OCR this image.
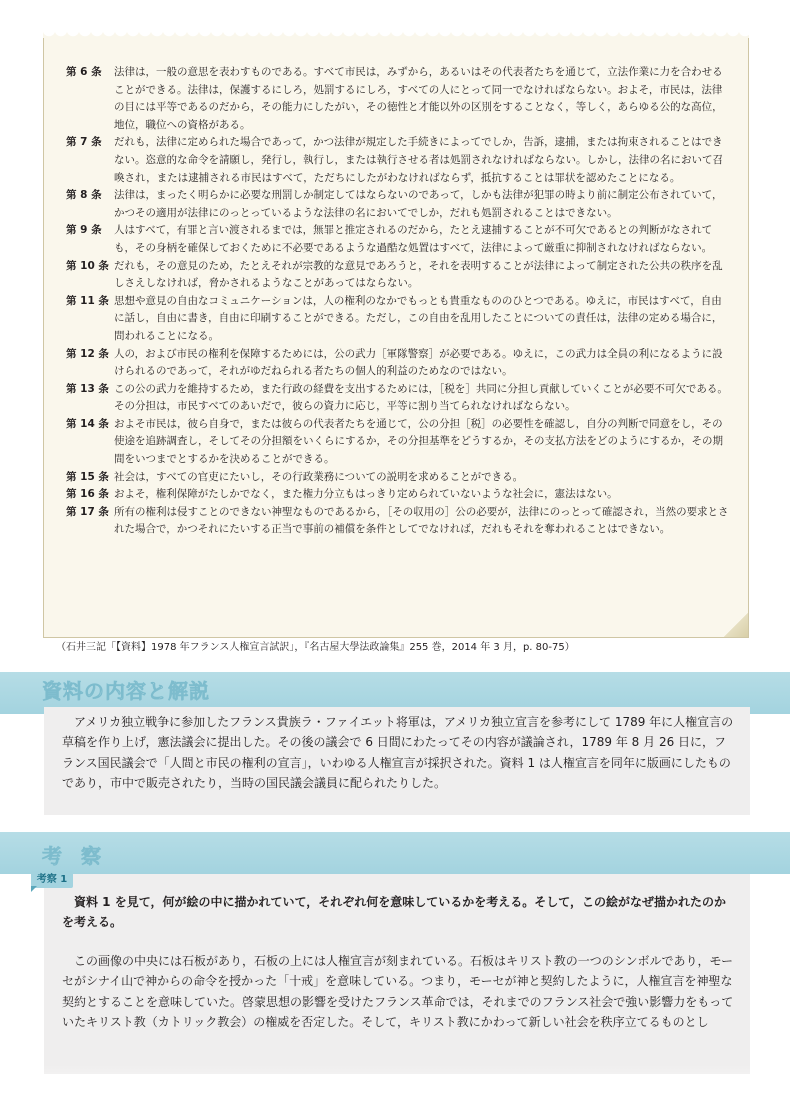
第 6 条	法律は，一般の意思を表わすものである。すべて市民は，みずから，あるいはその代表者たちを通じて，立法作業に力を合わせることができる。法律は，保護するにしろ，処罰するにしろ，すべての人にとって同一でなければならない。およそ，市民は，法律の目には平等であるのだから，その能力にしたがい，その徳性と才能以外の区別をすることなく，等しく，あらゆる公的な高位，地位，職位への資格がある。
第 7 条	だれも，法律に定められた場合であって，かつ法律が規定した手続きによってでしか，告訴，逮捕，または拘束されることはできない。恣意的な命令を請願し，発行し，執行し，または執行させる者は処罰されなければならない。しかし，法律の名において召喚され，または逮捕される市民はすべて，ただちにしたがわなければならず，抵抗することは罪状を認めたことになる。
第 8 条	法律は，まったく明らかに必要な刑罰しか制定してはならないのであって，しかも法律が犯罪の時より前に制定公布されていて，かつその適用が法律にのっとっているような法律の名においてでしか，だれも処罰されることはできない。
第 9 条	人はすべて，有罪と言い渡されるまでは，無罪と推定されるのだから，たとえ逮捕することが不可欠であるとの判断がなされても，その身柄を確保しておくために不必要であるような過酷な処置はすべて，法律によって厳重に抑制されなければならない。
第 10 条 だれも，その意見のため，たとえそれが宗教的な意見であろうと，それを表明することが法律によって制定された公共の秩序を乱しさえしなければ，脅かされるようなことがあってはならない。
第 11 条 思想や意見の自由なコミュニケーションは，人の権利のなかでもっとも貴重なもののひとつである。ゆえに，市民はすべて，自由に話し，自由に書き，自由に印刷することができる。ただし，この自由を乱用したことについての責任は，法律の定める場合に，問われることになる。
第 12 条 人の，および市民の権利を保障するためには，公の武力［軍隊警察］が必要である。ゆえに，この武力は全員の利になるように設けられるのであって，それがゆだねられる者たちの個人的利益のためなのではない。
第 13 条 この公の武力を維持するため，また行政の経費を支出するためには，［税を］共同に分担し貢献していくことが必要不可欠である。その分担は，市民すべてのあいだで，彼らの資力に応じ，平等に割り当てられなければならない。
第 14 条 およそ市民は，彼ら自身で，または彼らの代表者たちを通じて，公の分担［税］の必要性を確認し，自分の判断で同意をし，その使途を追跡調査し，そしてその分担額をいくらにするか，その分担基準をどうするか，その支払方法をどのようにするか，その期間をいつまでとするかを決めることができる。
第 15 条 社会は，すべての官吏にたいし，その行政業務についての説明を求めることができる。
第 16 条 およそ，権利保障がたしかでなく，また権力分立もはっきり定められていないような社会に，憲法はない。
第 17 条 所有の権利は侵すことのできない神聖なものであるから，［その収用の］公の必要が，法律にのっとって確認され，当然の要求とされた場合で，かつそれにたいする正当で事前の補償を条件としてでなければ，だれもそれを奪われることはできない。
（石井三記「【資料】1978 年フランス人権宣言試訳」，『名古屋大學法政論集』255 巻，2014 年 3 月，p. 80-75）
資料の内容と解説

アメリカ独立戦争に参加したフランス貴族ラ・ファイエット将軍は，アメリカ独立宣言を参考にして 1789 年に人権宣言の草稿を作り上げ，憲法議会に提出した。その後の議会で 6 日間にわたってその内容が議論され，1789 年 8 月 26 日に，フランス国民議会で「人間と市民の権利の宣言」，いわゆる人権宣言が採択された。資料 1 は人権宣言を同年に版画にしたものであり，市中で販売されたり，当時の国民議会議員に配られたりした。

考 察

資料 1 を見て，何が絵の中に描かれていて，それぞれ何を意味しているかを考える。そして，この絵がなぜ描かれたのかを考える。

この画像の中央には石板があり，石板の上には人権宣言が刻まれている。石板はキリスト教の一つのシンボルであり，モーセがシナイ山で神からの命令を授かった「十戒」を意味している。つまり，モーセが神と契約したように，人権宣言を神聖な契約とすることを意味していた。啓蒙思想の影響を受けたフランス革命では，それまでのフランス社会で強い影響力をもっていたキリスト教（カトリック教会）の権威を否定した。そして，キリスト教にかわって新しい社会を秩序立てるものとし

考察 1
